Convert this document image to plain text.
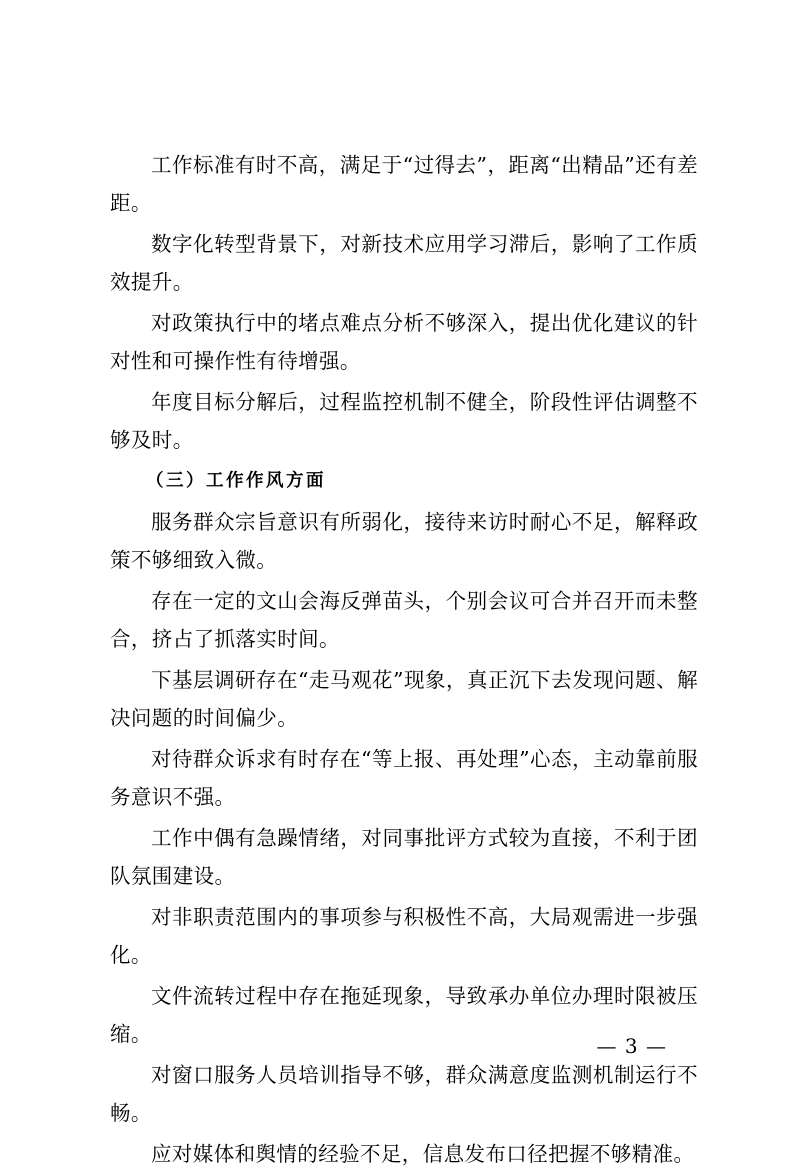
工作标准有时不高，满足于“过得去”，距离“出精品”还有差距。

数字化转型背景下，对新技术应用学习滞后，影响了工作质效提升。

对政策执行中的堵点难点分析不够深入，提出优化建议的针对性和可操作性有待增强。

年度目标分解后，过程监控机制不健全，阶段性评估调整不够及时。

（三）工作作风方面

服务群众宗旨意识有所弱化，接待来访时耐心不足，解释政策不够细致入微。

存在一定的文山会海反弹苗头，个别会议可合并召开而未整合，挤占了抓落实时间。

下基层调研存在“走马观花”现象，真正沉下去发现问题、解决问题的时间偏少。

对待群众诉求有时存在“等上报、再处理”心态，主动靠前服务意识不强。

工作中偶有急躁情绪，对同事批评方式较为直接，不利于团队氛围建设。

对非职责范围内的事项参与积极性不高，大局观需进一步强化。

文件流转过程中存在拖延现象，导致承办单位办理时限被压缩。

对窗口服务人员培训指导不够，群众满意度监测机制运行不畅。

应对媒体和舆情的经验不足，信息发布口径把握不够精准。

— 3 —
